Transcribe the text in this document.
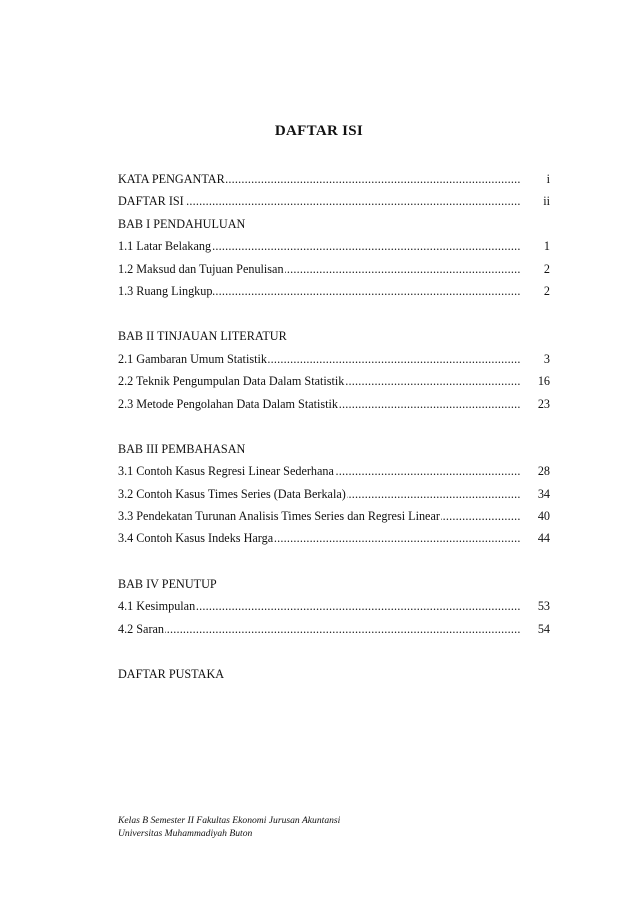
DAFTAR ISI
KATA PENGANTAR .....	i
DAFTAR ISI .....	ii
BAB I PENDAHULUAN
1.1 Latar Belakang .....	1
1.2 Maksud dan Tujuan Penulisan .....	2
1.3 Ruang Lingkup .....	2
BAB II TINJAUAN LITERATUR
2.1 Gambaran Umum Statistik .....	3
2.2 Teknik Pengumpulan Data Dalam Statistik .....	16
2.3 Metode Pengolahan Data Dalam Statistik .....	23
BAB III PEMBAHASAN
3.1 Contoh Kasus Regresi Linear Sederhana .....	28
3.2 Contoh Kasus Times Series (Data Berkala) .....	34
3.3 Pendekatan Turunan Analisis Times Series dan Regresi Linear .....	40
3.4 Contoh Kasus Indeks Harga .....	44
BAB IV PENUTUP
4.1 Kesimpulan .....	53
4.2 Saran .....	54
DAFTAR PUSTAKA
Kelas B Semester II Fakultas Ekonomi Jurusan Akuntansi
Universitas Muhammadiyah Buton
